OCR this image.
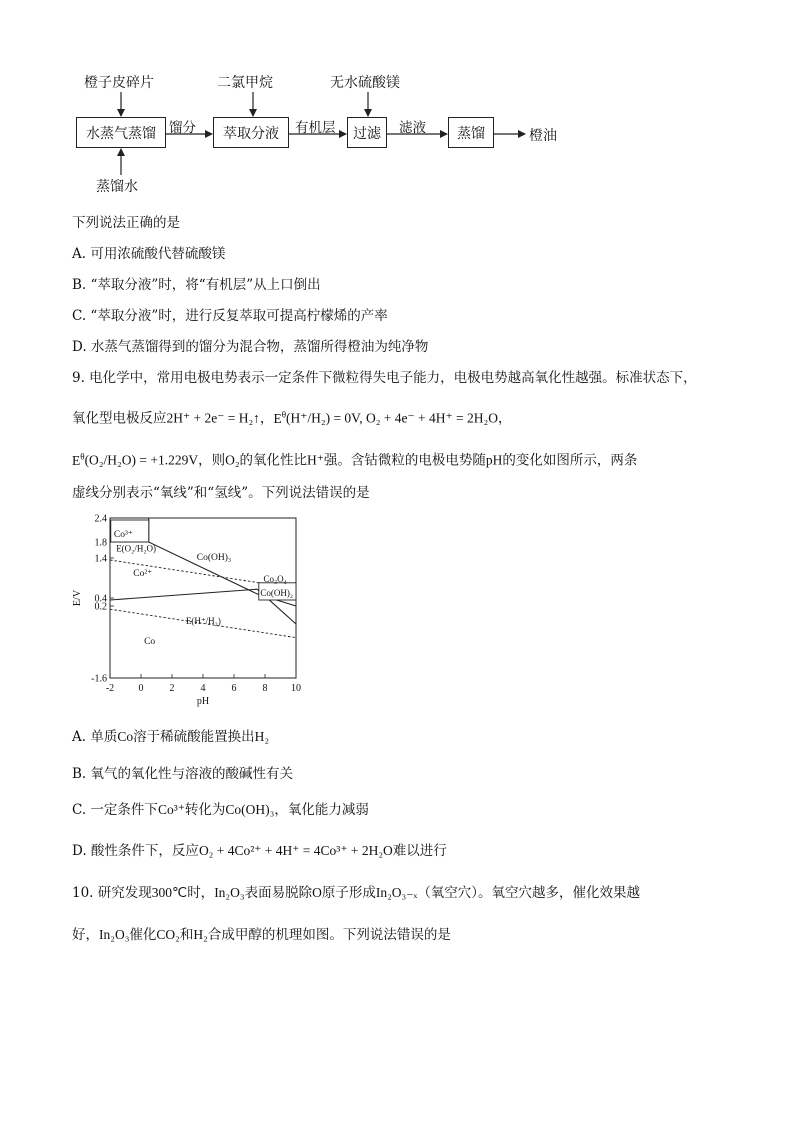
橙子皮碎片	二氯甲烷	无水硫酸镁
水蒸气蒸馏	萃取分液	过滤	蒸馏
馏分	有机层	滤液	橙油
蒸馏水
下列说法正确的是
A. 可用浓硫酸代替硫酸镁
B. “萃取分液”时，将“有机层”从上口倒出
C. “萃取分液”时，进行反复萃取可提高柠檬烯的产率
D. 水蒸气蒸馏得到的馏分为混合物，蒸馏所得橙油为纯净物
9. 电化学中，常用电极电势表示一定条件下微粒得失电子能力，电极电势越高氧化性越强。标准状态下，
氧化型电极反应2H⁺ + 2e⁻ = H₂↑，$E^\theta(H^+/H_2) = 0V$, O₂ + 4e⁻ + 4H⁺ = 2H₂O，
$E^\theta(O_2/H_2O) = +1.229V$，则O₂的氧化性比H⁺强。含钴微粒的电极电势随pH的变化如图所示，两条
虚线分别表示“氧线”和“氢线”。下列说法错误的是
-2 0	2	4	6	8 10
2.4
1.8
1.4
0.4
0.2
-1.6
pH
E/V
Co³⁺
Co(OH)₃
Co²⁺	Co₃O₄
Co(OH)₂
Co
E(O₂/H₂O)
E(H⁺/H₂)
A. 单质Co溶于稀硫酸能置换出H₂
B. 氧气的氧化性与溶液的酸碱性有关
C. 一定条件下Co³⁺转化为Co(OH)₃，氧化能力减弱
D. 酸性条件下，反应O₂ + 4Co²⁺ + 4H⁺ = 4Co³⁺ + 2H₂O难以进行
10. 研究发现300℃时，In₂O₃表面易脱除O原子形成In₂O₃₋ₓ（氧空穴）。氧空穴越多，催化效果越
好，In₂O₃催化CO₂和H₂合成甲醇的机理如图。下列说法错误的是
